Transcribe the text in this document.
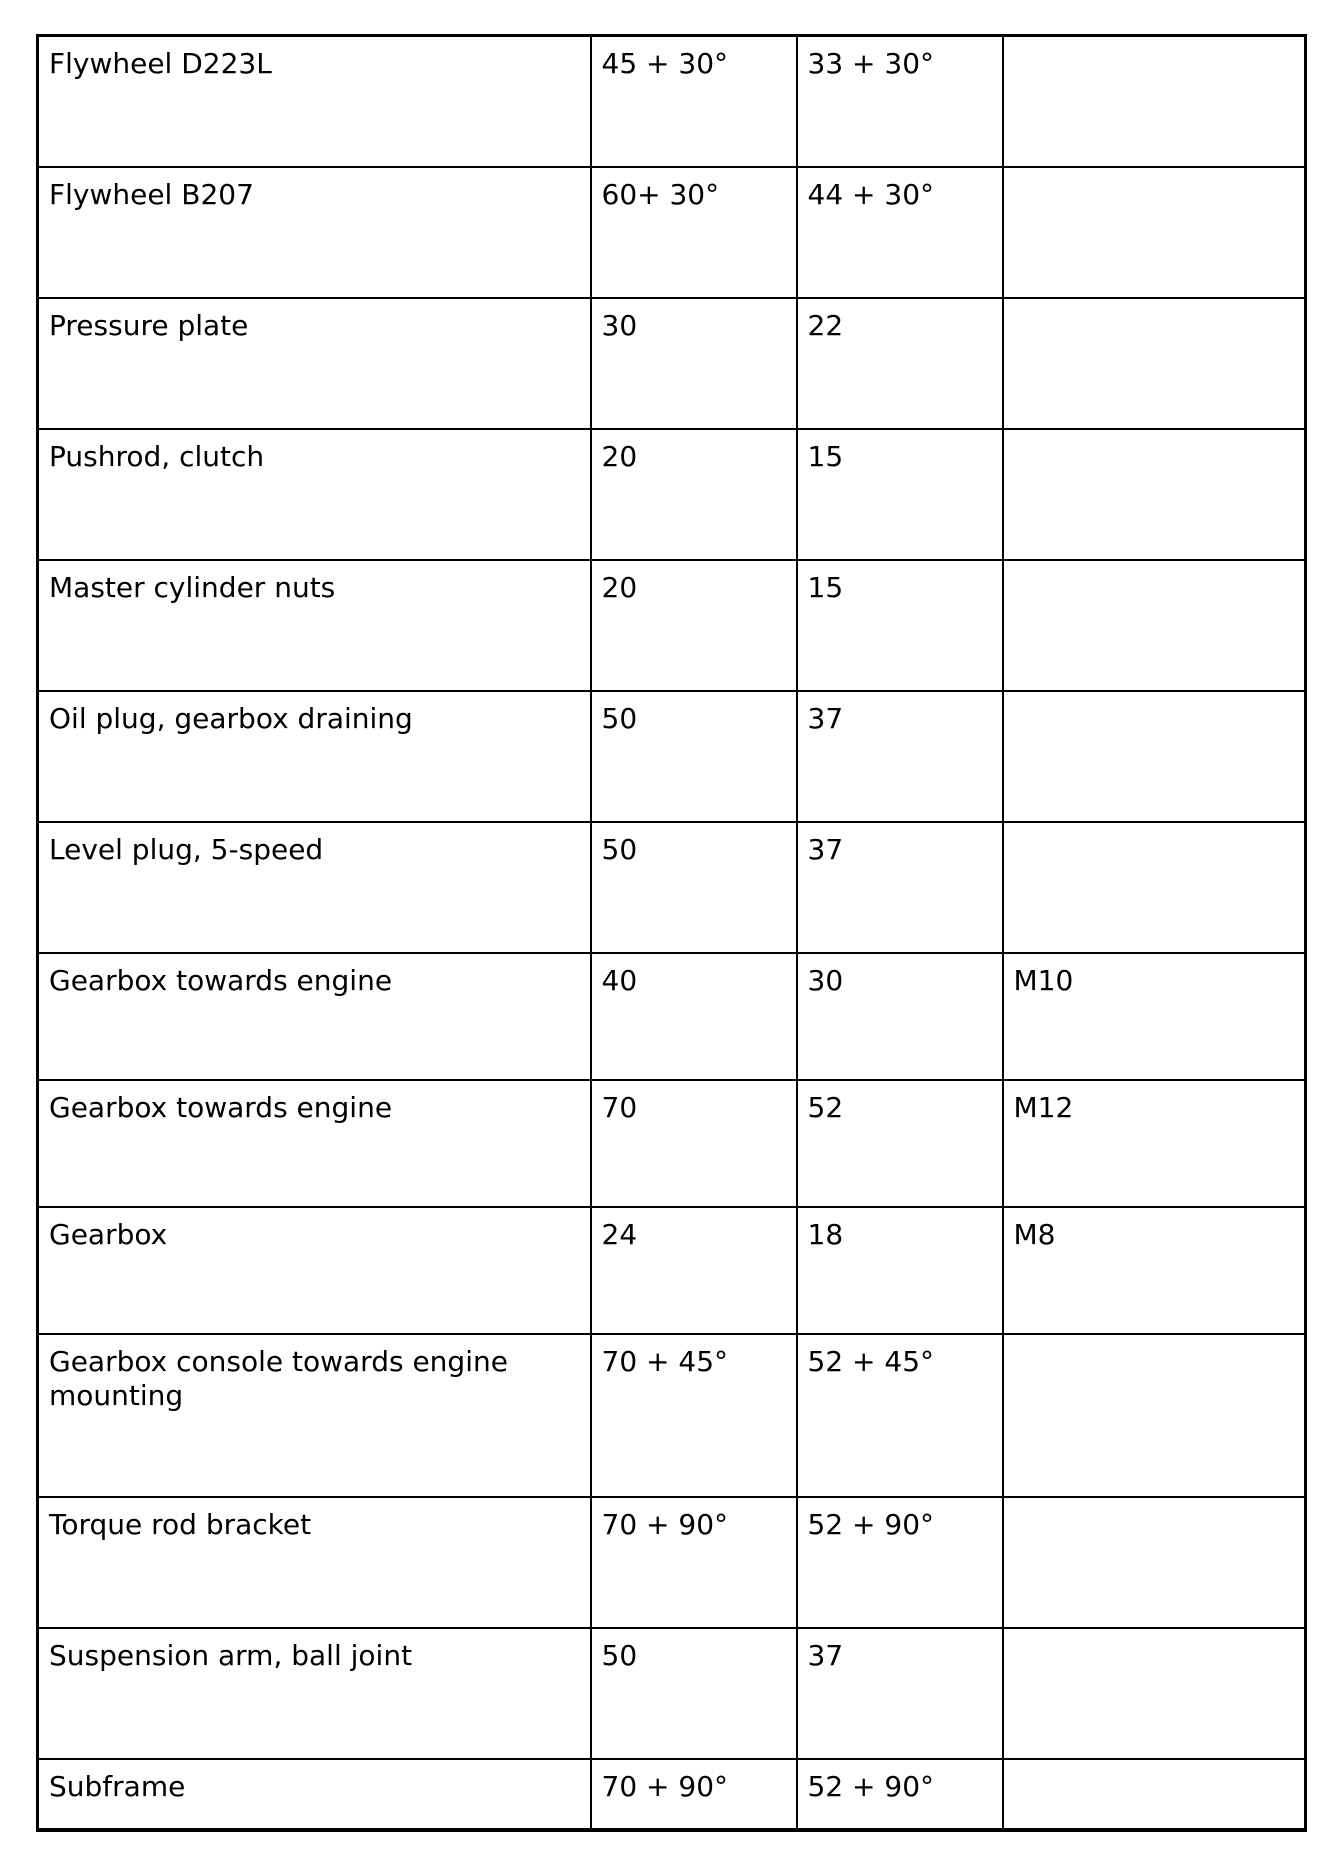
Flywheel D223L	45 + 30°	33 + 30°	
Flywheel B207	60+ 30°	44 + 30°	
Pressure plate	30	22	
Pushrod, clutch	20	15	
Master cylinder nuts	20	15	
Oil plug, gearbox draining	50	37	
Level plug, 5-speed	50	37	
Gearbox towards engine	40	30	M10
Gearbox towards engine	70	52	M12
Gearbox	24	18	M8
Gearbox console towards engine mounting	70 + 45°	52 + 45°	
Torque rod bracket	70 + 90°	52 + 90°	
Suspension arm, ball joint	50	37	
Subframe	70 + 90°	52 + 90°	
